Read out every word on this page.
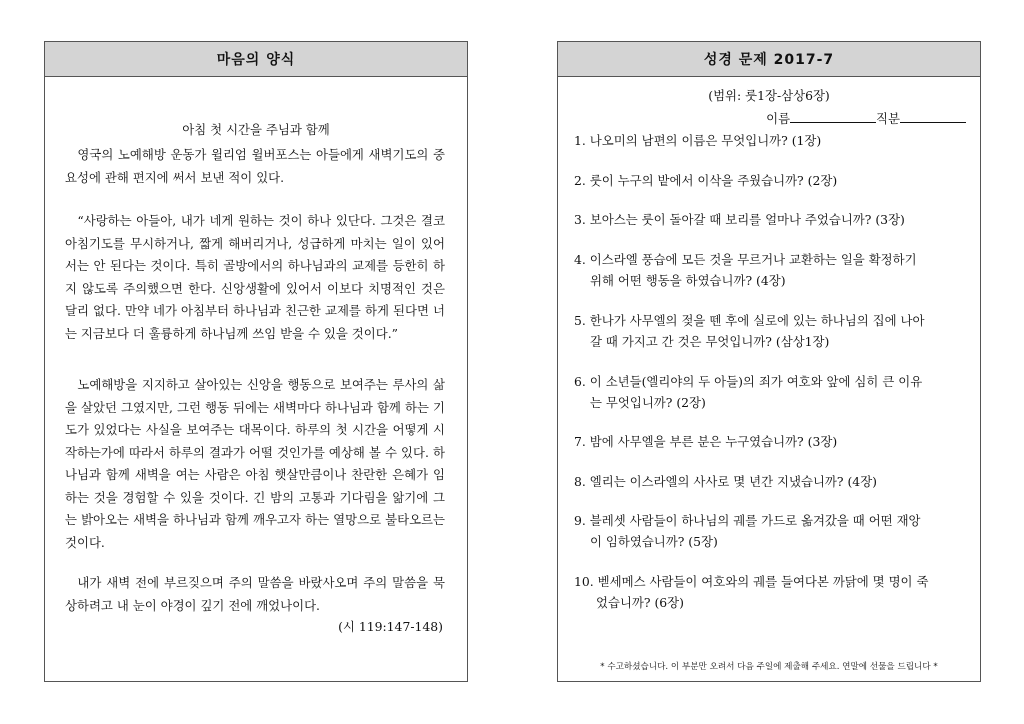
마음의 양식
아침 첫 시간을 주님과 함께

영국의 노예해방 운동가 윌리엄 윌버포스는 아들에게 새벽기도의 중요성에 관해 편지에 써서 보낸 적이 있다.

“사랑하는 아들아, 내가 네게 원하는 것이 하나 있단다. 그것은 결코 아침기도를 무시하거나, 짧게 해버리거나, 성급하게 마치는 일이 있어서는 안 된다는 것이다. 특히 골방에서의 하나님과의 교제를 등한히 하지 않도록 주의했으면 한다. 신앙생활에 있어서 이보다 치명적인 것은 달리 없다. 만약 네가 아침부터 하나님과 친근한 교제를 하게 된다면 너는 지금보다 더 훌륭하게 하나님께 쓰임 받을 수 있을 것이다.”

노예해방을 지지하고 살아있는 신앙을 행동으로 보여주는 루사의 삶을 살았던 그였지만, 그런 행동 뒤에는 새벽마다 하나님과 함께 하는 기도가 있었다는 사실을 보여주는 대목이다. 하루의 첫 시간을 어떻게 시작하는가에 따라서 하루의 결과가 어떨 것인가를 예상해 볼 수 있다. 하나님과 함께 새벽을 여는 사람은 아침 햇살만큼이나 찬란한 은혜가 임하는 것을 경험할 수 있을 것이다. 긴 밤의 고통과 기다림을 앎기에 그는 밝아오는 새벽을 하나님과 함께 깨우고자 하는 열망으로 불타오르는 것이다.

내가 새벽 전에 부르짖으며 주의 말씀을 바랐사오며 주의 말씀을 묵상하려고 내 눈이 야경이 깊기 전에 깨었나이다.

(시 119:147-148)
성경 문제 2017-7
(범위: 룻1장-삼상6장)
이름	직분
1. 나오미의 남편의 이름은 무엇입니까? (1장)
2. 룻이 누구의 밭에서 이삭을 주웠습니까? (2장)
3. 보아스는 룻이 돌아갈 때 보리를 얼마나 주었습니까? (3장)
4. 이스라엘 풍습에 모든 것을 무르거나 교환하는 일을 확정하기
위해 어떤 행동을 하였습니까? (4장)
5. 한나가 사무엘의 젖을 뗀 후에 실로에 있는 하나님의 집에 나아
갈 때 가지고 간 것은 무엇입니까? (삼상1장)
6. 이 소년들(엘리야의 두 아들)의 죄가 여호와 앞에 심히 큰 이유
는 무엇입니까? (2장)
7. 밤에 사무엘을 부른 분은 누구였습니까? (3장)
8. 엘리는 이스라엘의 사사로 몇 년간 지냈습니까? (4장)
9. 블레셋 사람들이 하나님의 궤를 가드로 옮겨갔을 때 어떤 재앙
이 임하였습니까? (5장)
10. 벧세메스 사람들이 여호와의 궤를 들여다본 까닭에 몇 명이 죽
었습니까? (6장)
* 수고하셨습니다. 이 부분만 오려서 다음 주일에 제출해 주세요. 연말에 선물을 드립니다 *
